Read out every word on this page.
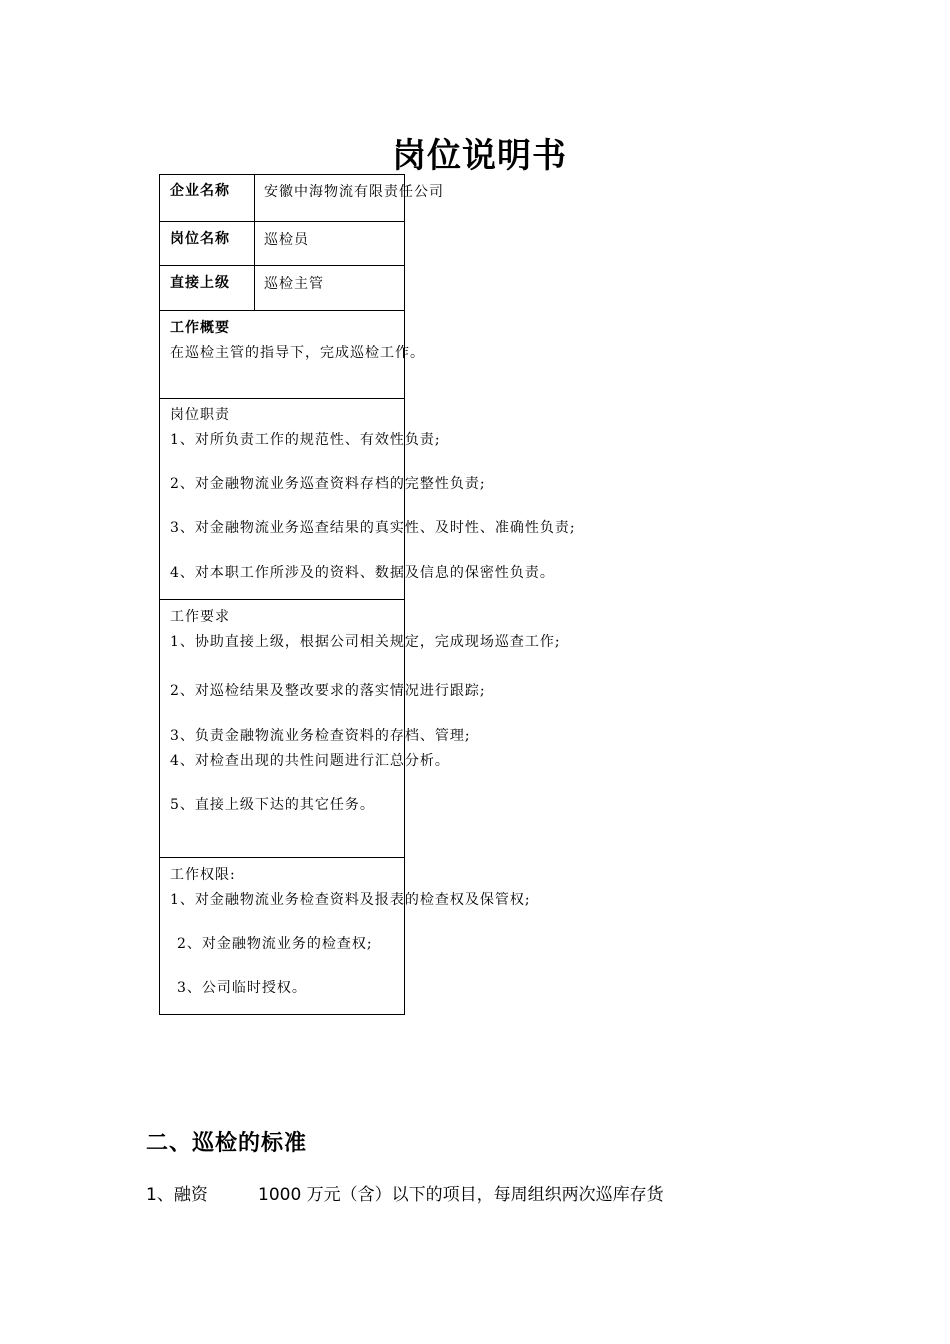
岗位说明书
企业名称 安徽中海物流有限责任公司
岗位名称 巡检员
直接上级 巡检主管
工作概要
在巡检主管的指导下，完成巡检工作。
岗位职责
1、对所负责工作的规范性、有效性负责;
2、对金融物流业务巡查资料存档的完整性负责;
3、对金融物流业务巡查结果的真实性、及时性、准确性负责;
4、对本职工作所涉及的资料、数据及信息的保密性负责。
工作要求
1、协助直接上级，根据公司相关规定，完成现场巡查工作;
2、对巡检结果及整改要求的落实情况进行跟踪;
3、负责金融物流业务检查资料的存档、管理;
4、对检查出现的共性问题进行汇总分析。
5、直接上级下达的其它任务。
工作权限:
1、对金融物流业务检查资料及报表的检查权及保管权;
2、对金融物流业务的检查权;
3、公司临时授权。
二、巡检的标准
1、融资	1000 万元（含）以下的项目，每周组织两次巡库存货
